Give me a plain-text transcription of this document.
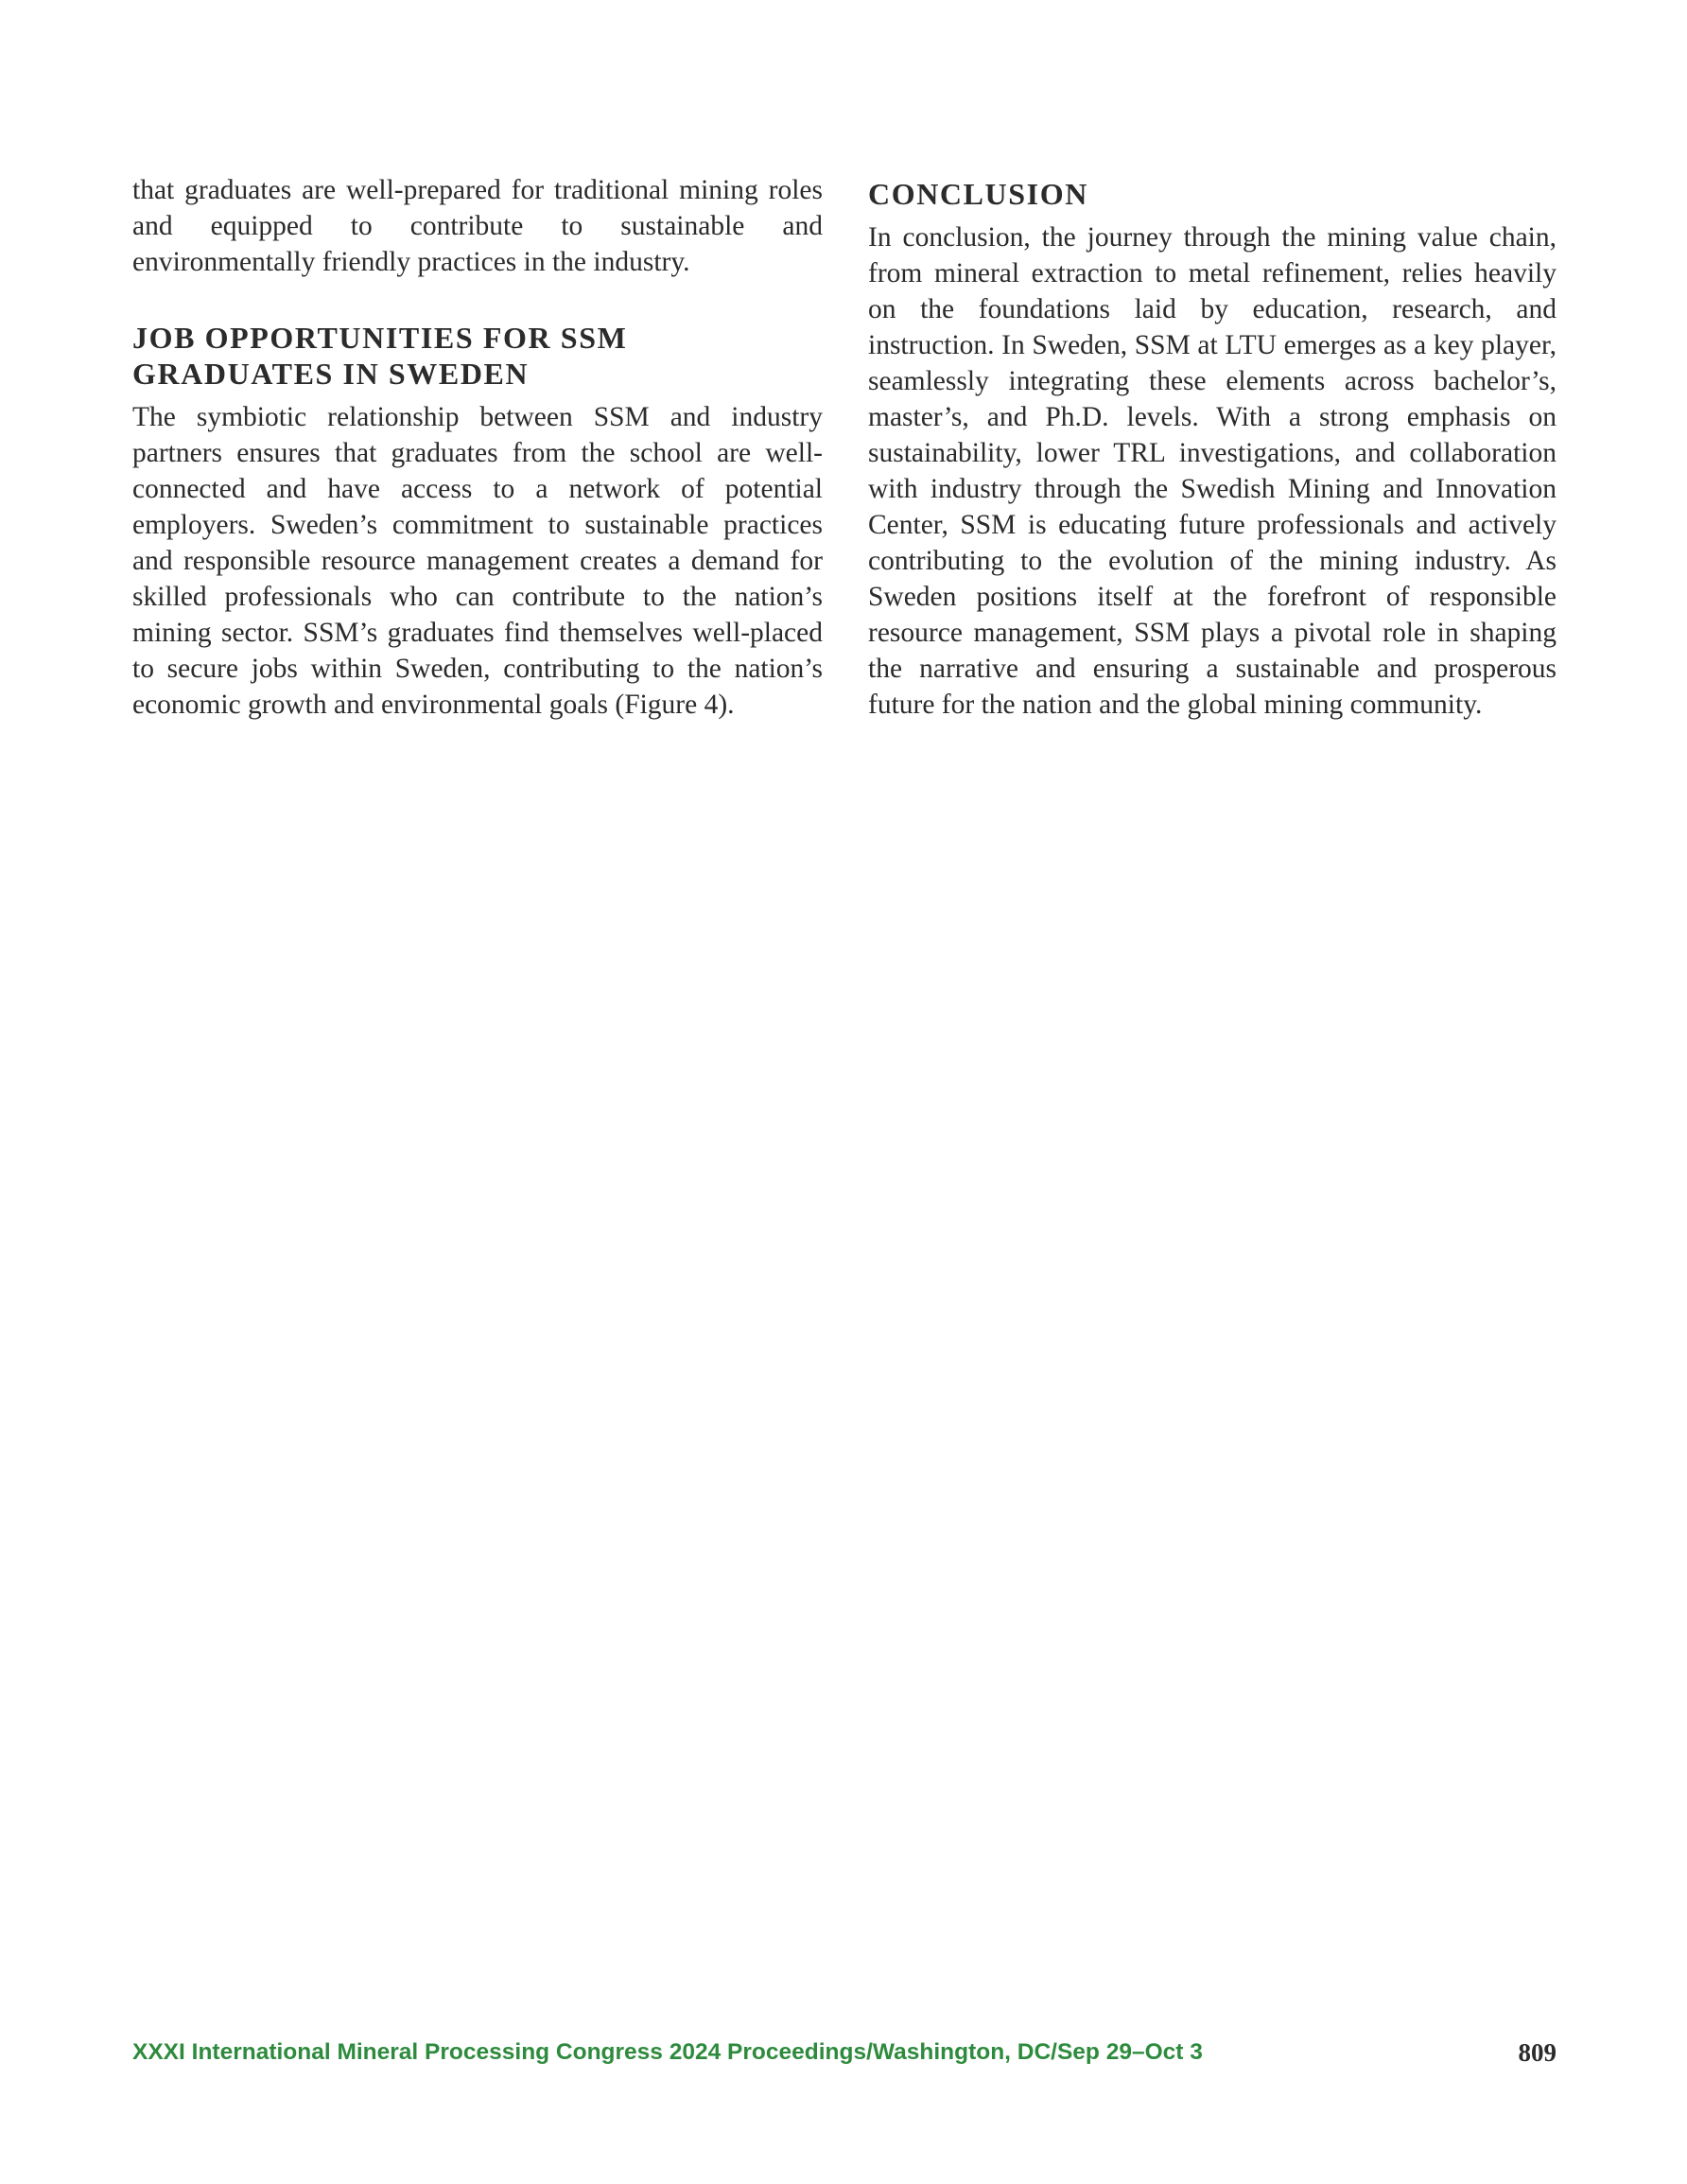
that graduates are well-prepared for traditional mining roles and equipped to contribute to sustainable and environmentally friendly practices in the industry.

JOB OPPORTUNITIES FOR SSM GRADUATES IN SWEDEN

The symbiotic relationship between SSM and industry partners ensures that graduates from the school are well-connected and have access to a network of potential employers. Sweden’s commitment to sustainable practices and responsible resource management creates a demand for skilled professionals who can contribute to the nation’s mining sector. SSM’s graduates find themselves well-placed to secure jobs within Sweden, contributing to the nation’s economic growth and environmental goals (Figure 4).

CONCLUSION

In conclusion, the journey through the mining value chain, from mineral extraction to metal refinement, relies heavily on the foundations laid by education, research, and instruction. In Sweden, SSM at LTU emerges as a key player, seamlessly integrating these elements across bachelor’s, master’s, and Ph.D. levels. With a strong emphasis on sustainability, lower TRL investigations, and collaboration with industry through the Swedish Mining and Innovation Center, SSM is educating future professionals and actively contributing to the evolution of the mining industry. As Sweden positions itself at the forefront of responsible resource management, SSM plays a pivotal role in shaping the narrative and ensuring a sustainable and prosperous future for the nation and the global mining community.

XXXI International Mineral Processing Congress 2024 Proceedings/Washington, DC/Sep 29–Oct 3	809
